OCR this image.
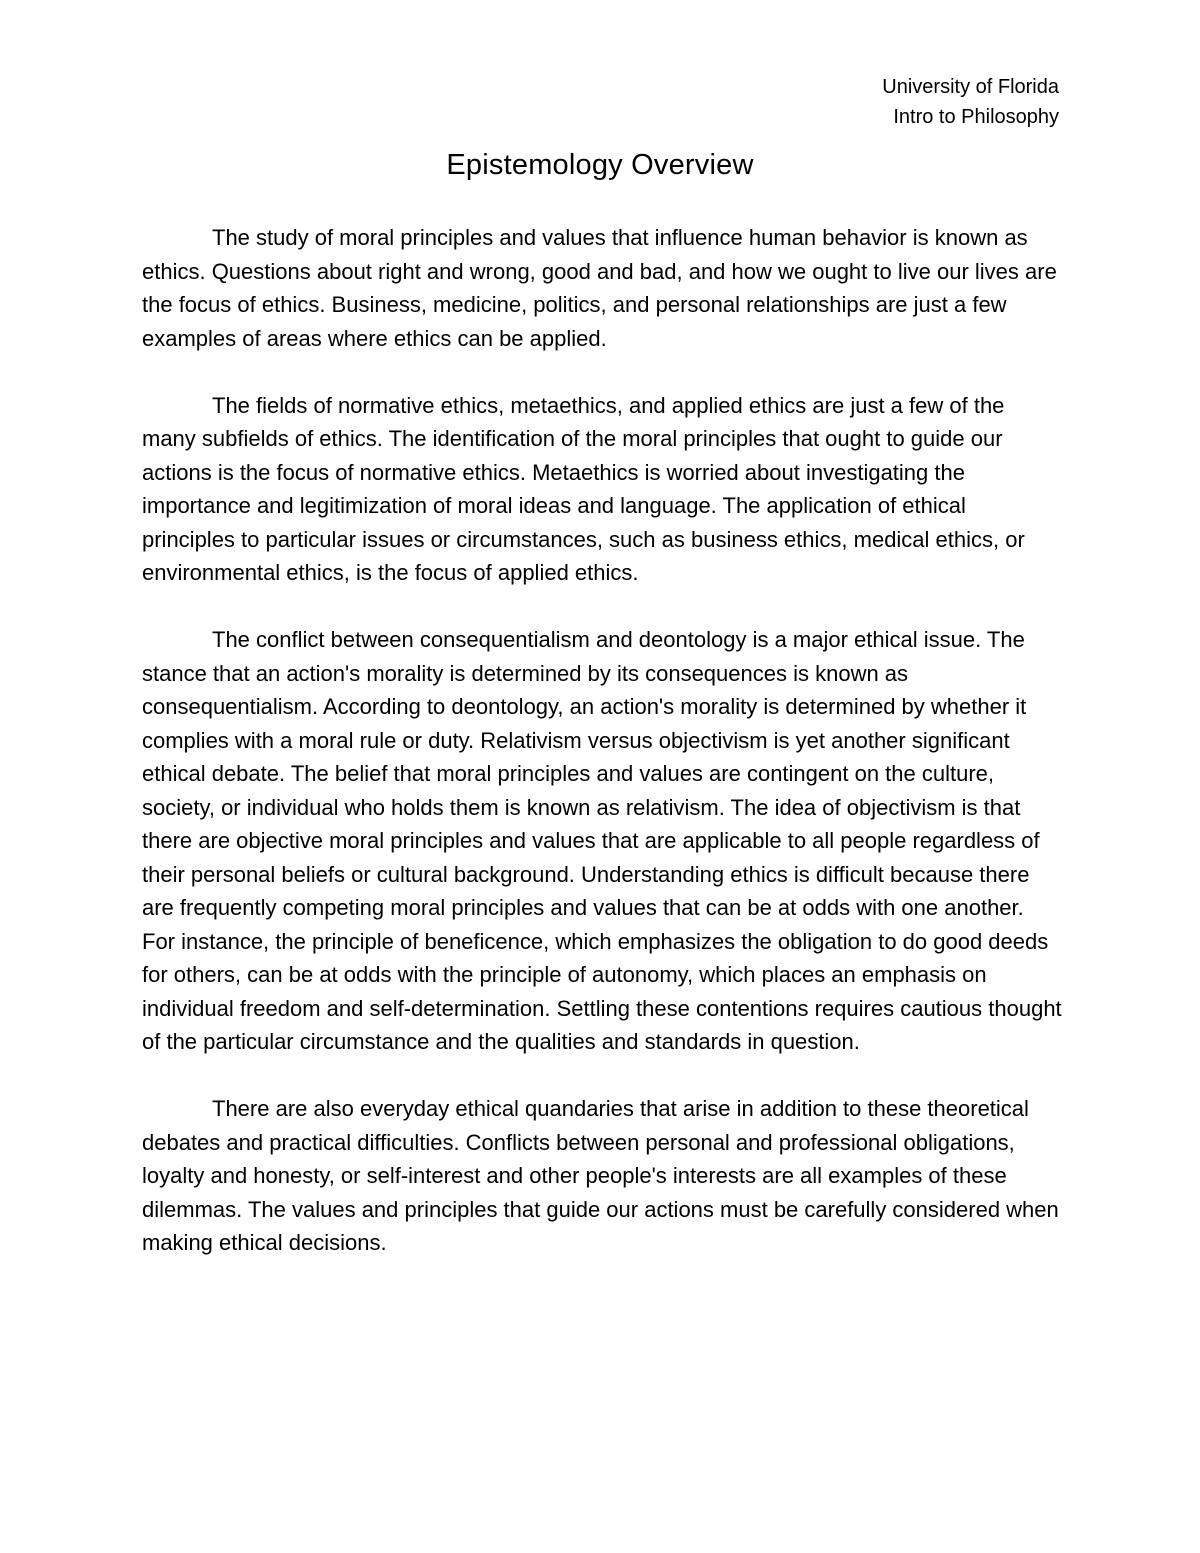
University of Florida
Intro to Philosophy
Epistemology Overview

The study of moral principles and values that influence human behavior is known as ethics. Questions about right and wrong, good and bad, and how we ought to live our lives are the focus of ethics. Business, medicine, politics, and personal relationships are just a few examples of areas where ethics can be applied.

The fields of normative ethics, metaethics, and applied ethics are just a few of the many subfields of ethics. The identification of the moral principles that ought to guide our actions is the focus of normative ethics. Metaethics is worried about investigating the importance and legitimization of moral ideas and language. The application of ethical principles to particular issues or circumstances, such as business ethics, medical ethics, or environmental ethics, is the focus of applied ethics.

The conflict between consequentialism and deontology is a major ethical issue. The stance that an action's morality is determined by its consequences is known as consequentialism. According to deontology, an action's morality is determined by whether it complies with a moral rule or duty. Relativism versus objectivism is yet another significant ethical debate. The belief that moral principles and values are contingent on the culture, society, or individual who holds them is known as relativism. The idea of objectivism is that there are objective moral principles and values that are applicable to all people regardless of their personal beliefs or cultural background. Understanding ethics is difficult because there are frequently competing moral principles and values that can be at odds with one another. For instance, the principle of beneficence, which emphasizes the obligation to do good deeds for others, can be at odds with the principle of autonomy, which places an emphasis on individual freedom and self-determination. Settling these contentions requires cautious thought of the particular circumstance and the qualities and standards in question.

There are also everyday ethical quandaries that arise in addition to these theoretical debates and practical difficulties. Conflicts between personal and professional obligations, loyalty and honesty, or self-interest and other people's interests are all examples of these dilemmas. The values and principles that guide our actions must be carefully considered when making ethical decisions.
